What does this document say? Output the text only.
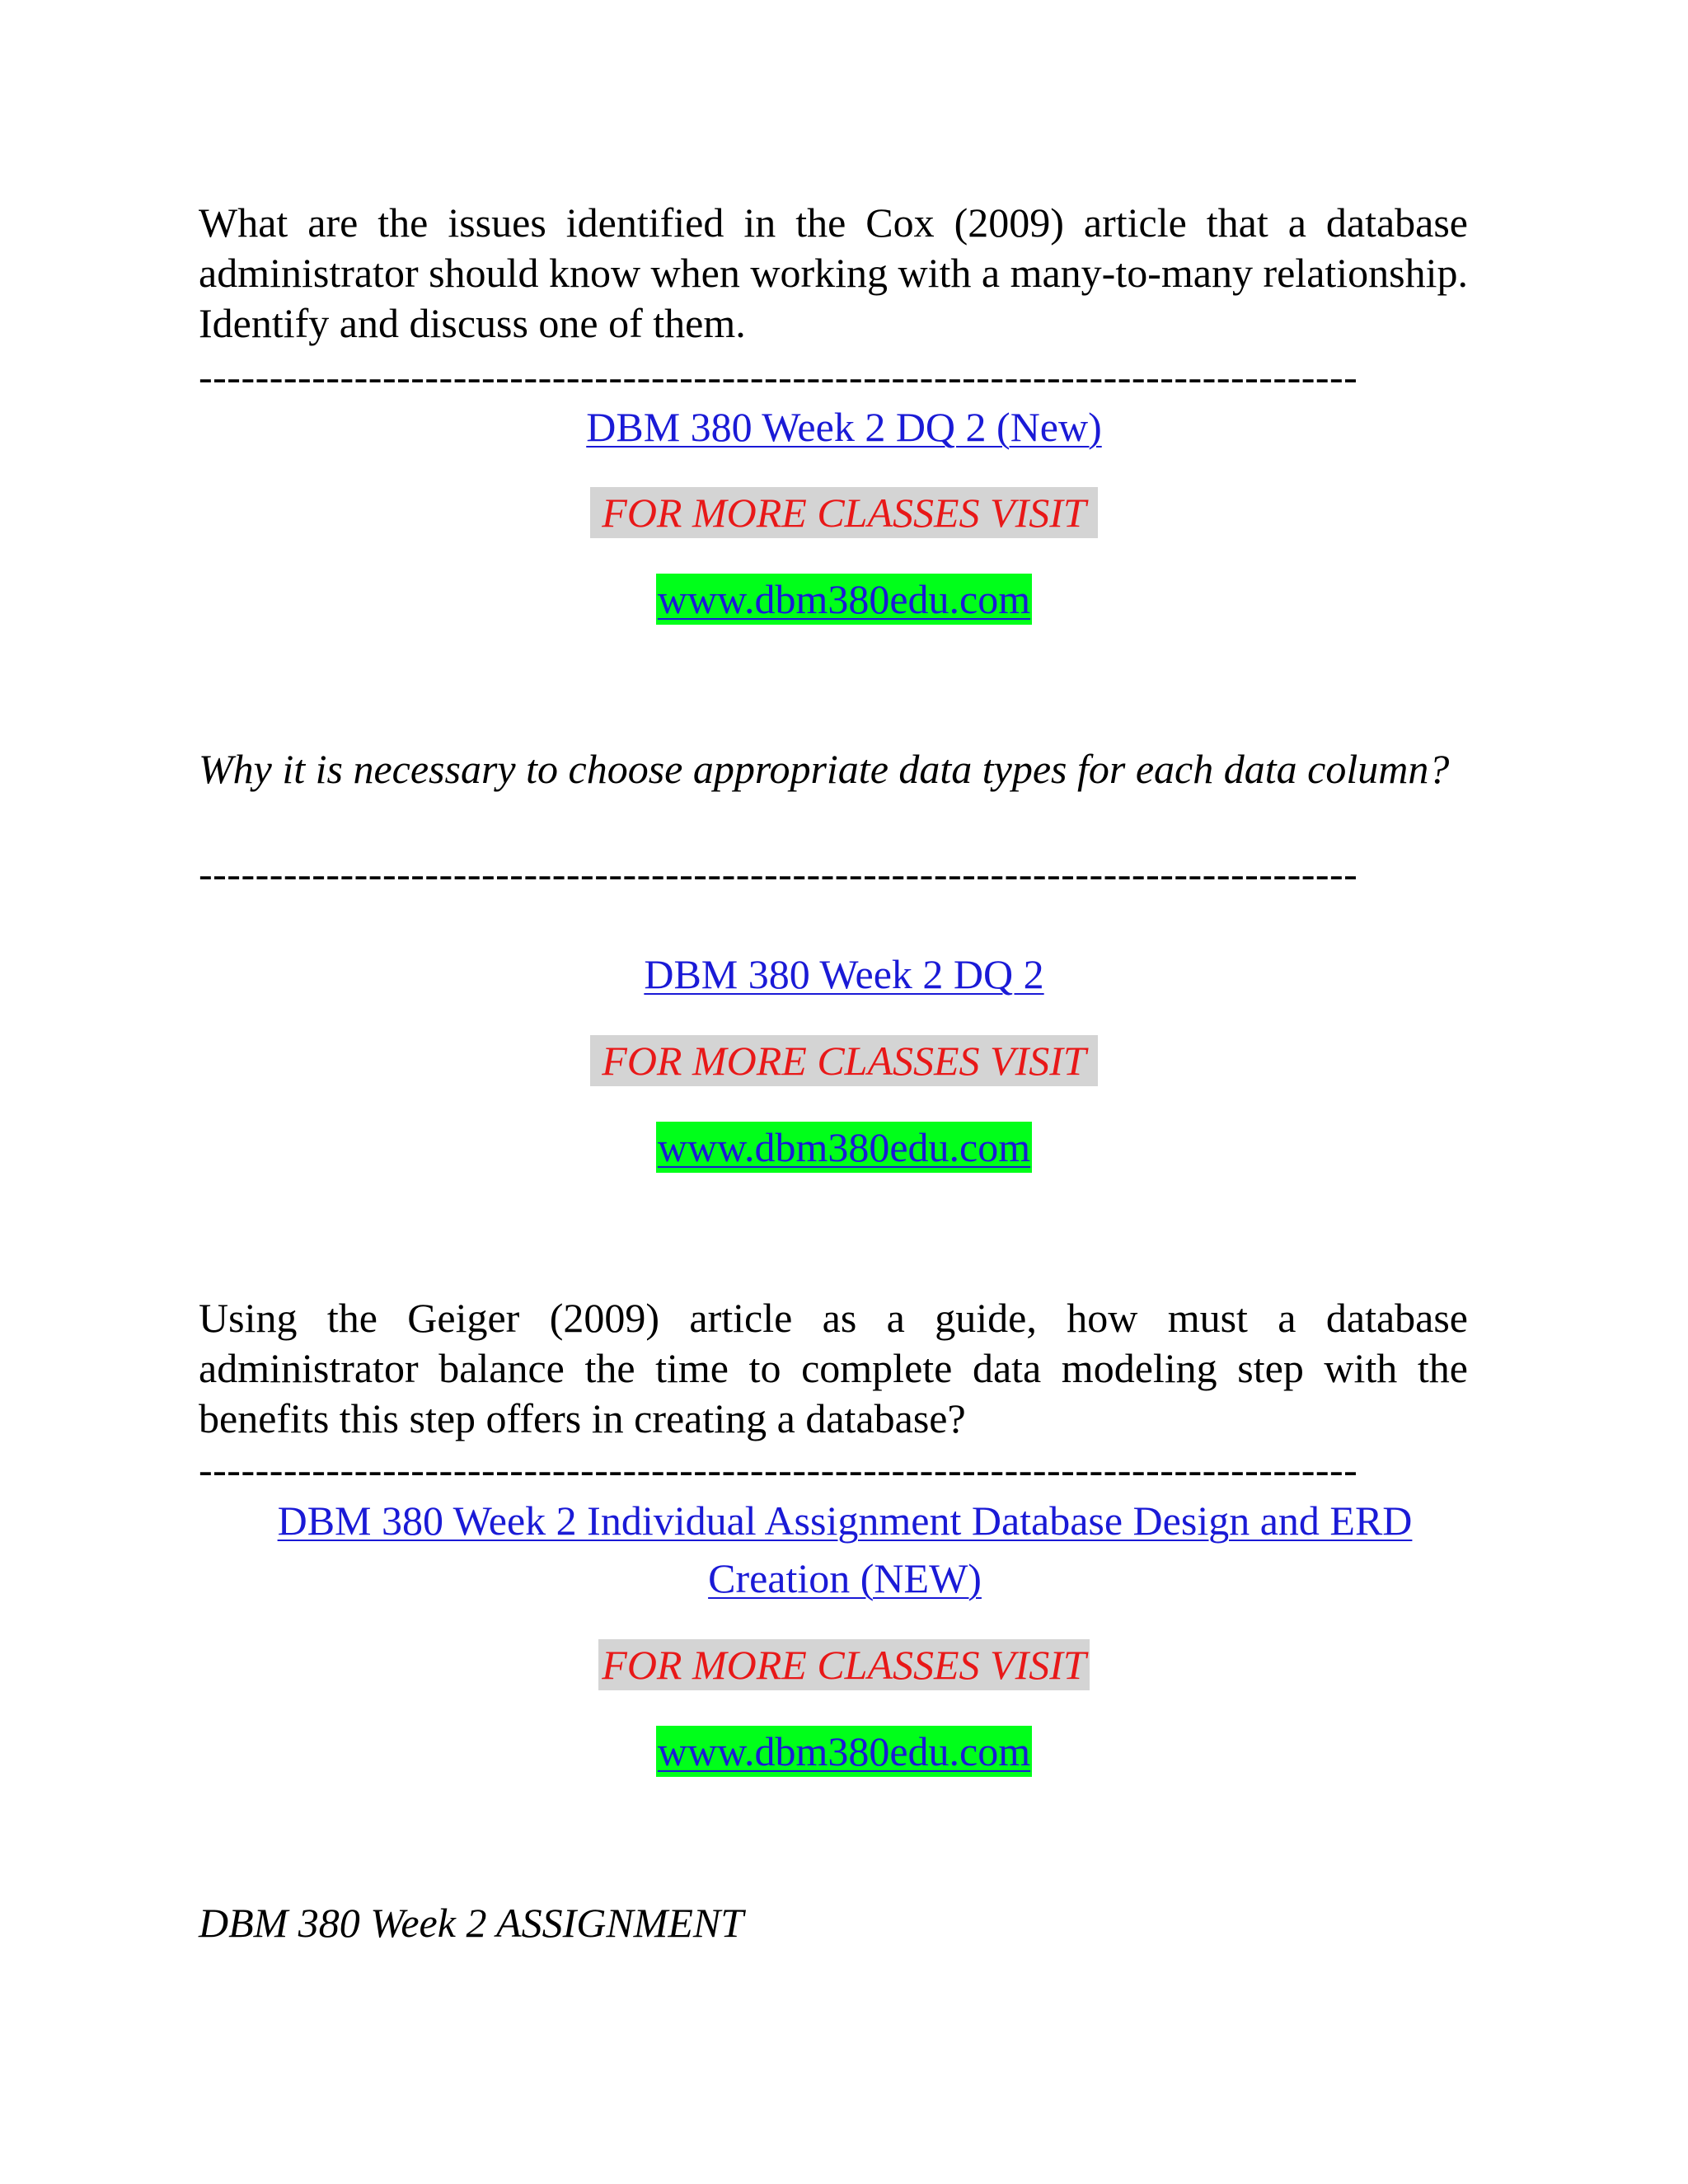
What are the issues identified in the Cox (2009) article that a database administrator should know when working with a many-to-many relationship. Identify and discuss one of them.

----------------------------------------------------------------------------------
DBM 380 Week 2 DQ 2 (New)
FOR MORE CLASSES VISIT
www.dbm380edu.com

Why it is necessary to choose appropriate data types for each data column?

----------------------------------------------------------------------------------
DBM 380 Week 2 DQ 2
FOR MORE CLASSES VISIT
www.dbm380edu.com

Using the Geiger (2009) article as a guide, how must a database administrator balance the time to complete data modeling step with the benefits this step offers in creating a database?

----------------------------------------------------------------------------------
DBM 380 Week 2 Individual Assignment Database Design and ERD Creation (NEW)
FOR MORE CLASSES VISIT
www.dbm380edu.com

DBM 380 Week 2 ASSIGNMENT
